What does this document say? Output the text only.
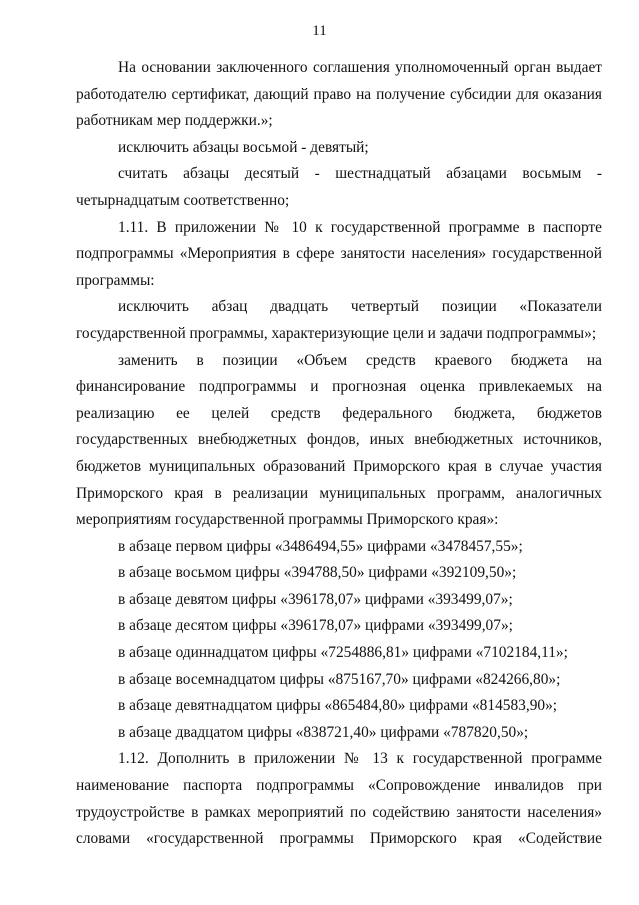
11
На основании заключенного соглашения уполномоченный орган выдает
работодателю сертификат, дающий право на получение субсидии для оказания
работникам мер поддержки.»;
исключить абзацы восьмой - девятый;
считать абзацы десятый - шестнадцатый абзацами восьмым -
четырнадцатым соответственно;
1.11. В приложении № 10 к государственной программе в паспорте
подпрограммы «Мероприятия в сфере занятости населения» государственной
программы:
исключить абзац двадцать четвертый позиции «Показатели
государственной программы, характеризующие цели и задачи подпрограммы»;
заменить в позиции «Объем средств краевого бюджета на
финансирование подпрограммы и прогнозная оценка привлекаемых на
реализацию ее целей средств федерального бюджета, бюджетов
государственных внебюджетных фондов, иных внебюджетных источников,
бюджетов муниципальных образований Приморского края в случае участия
Приморского края в реализации муниципальных программ, аналогичных
мероприятиям государственной программы Приморского края»:

в абзаце первом цифры «3486494,55» цифрами «3478457,55»;

в абзаце восьмом цифры «394788,50» цифрами «392109,50»;

в абзаце девятом цифры «396178,07» цифрами «393499,07»;

в абзаце десятом цифры «396178,07» цифрами «393499,07»;

в абзаце одиннадцатом цифры «7254886,81» цифрами «7102184,11»;

в абзаце восемнадцатом цифры «875167,70» цифрами «824266,80»;

в абзаце девятнадцатом цифры «865484,80» цифрами «814583,90»;

в абзаце двадцатом цифры «838721,40» цифрами «787820,50»;

1.12. Дополнить в приложении № 13 к государственной программе
наименование паспорта подпрограммы «Сопровождение инвалидов при
трудоустройстве в рамках мероприятий по содействию занятости населения»
словами «государственной программы Приморского края «Содействие
